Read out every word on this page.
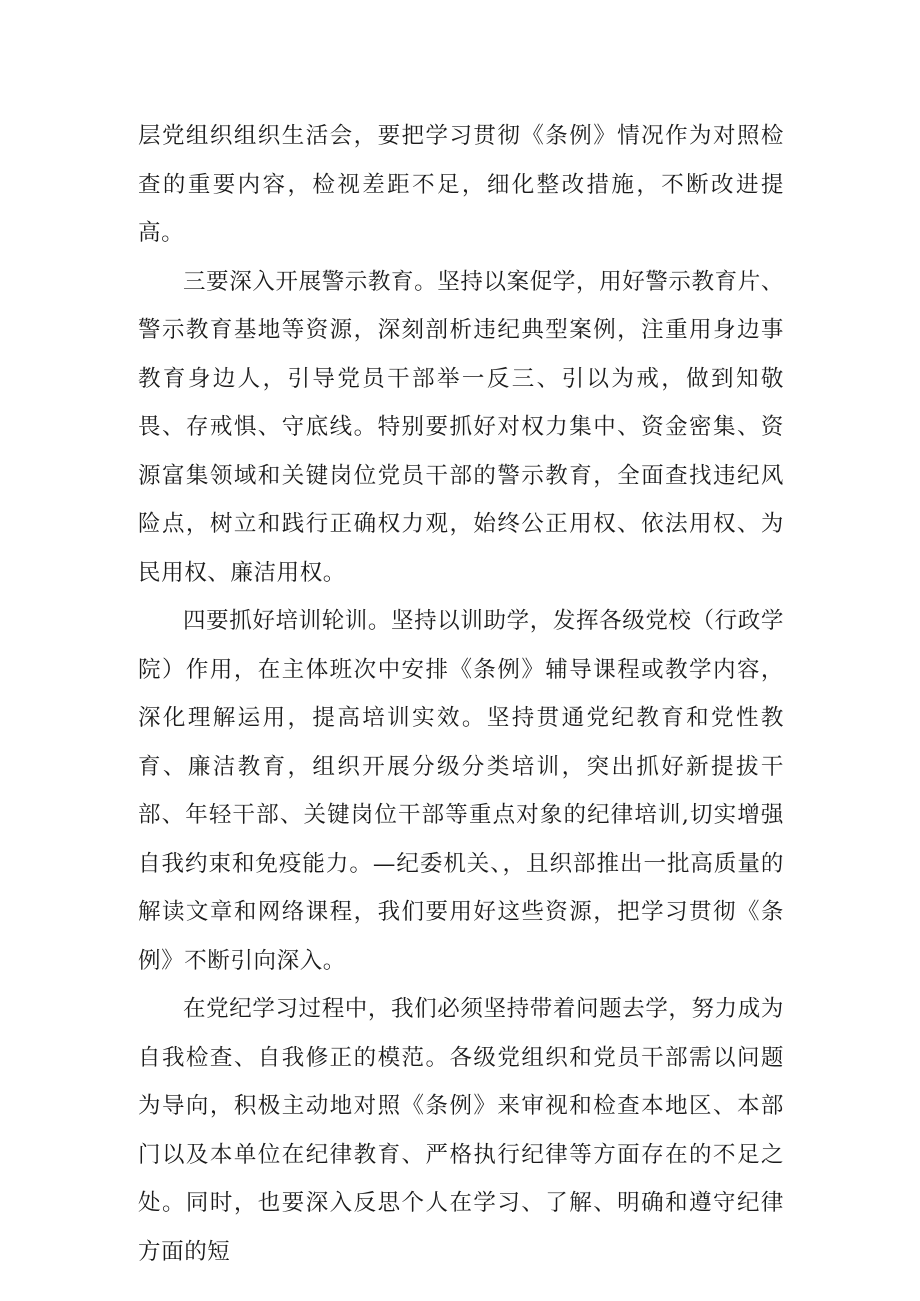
层党组织组织生活会，要把学习贯彻《条例》情况作为对照检查的重要内容，检视差距不足，细化整改措施，不断改进提高。

三要深入开展警示教育。坚持以案促学，用好警示教育片、警示教育基地等资源，深刻剖析违纪典型案例，注重用身边事教育身边人，引导党员干部举一反三、引以为戒，做到知敬畏、存戒惧、守底线。特别要抓好对权力集中、资金密集、资源富集领域和关键岗位党员干部的警示教育，全面查找违纪风险点，树立和践行正确权力观，始终公正用权、依法用权、为民用权、廉洁用权。

四要抓好培训轮训。坚持以训助学，发挥各级党校（行政学院）作用，在主体班次中安排《条例》辅导课程或教学内容，深化理解运用，提高培训实效。坚持贯通党纪教育和党性教育、廉洁教育，组织开展分级分类培训，突出抓好新提拔干部、年轻干部、关键岗位干部等重点对象的纪律培训,切实增强自我约束和免疫能力。—纪委机关、，且织部推出一批高质量的解读文章和网络课程，我们要用好这些资源，把学习贯彻《条例》不断引向深入。

在党纪学习过程中，我们必须坚持带着问题去学，努力成为自我检查、自我修正的模范。各级党组织和党员干部需以问题为导向，积极主动地对照《条例》来审视和检查本地区、本部门以及本单位在纪律教育、严格执行纪律等方面存在的不足之处。同时，也要深入反思个人在学习、了解、明确和遵守纪律方面的短
